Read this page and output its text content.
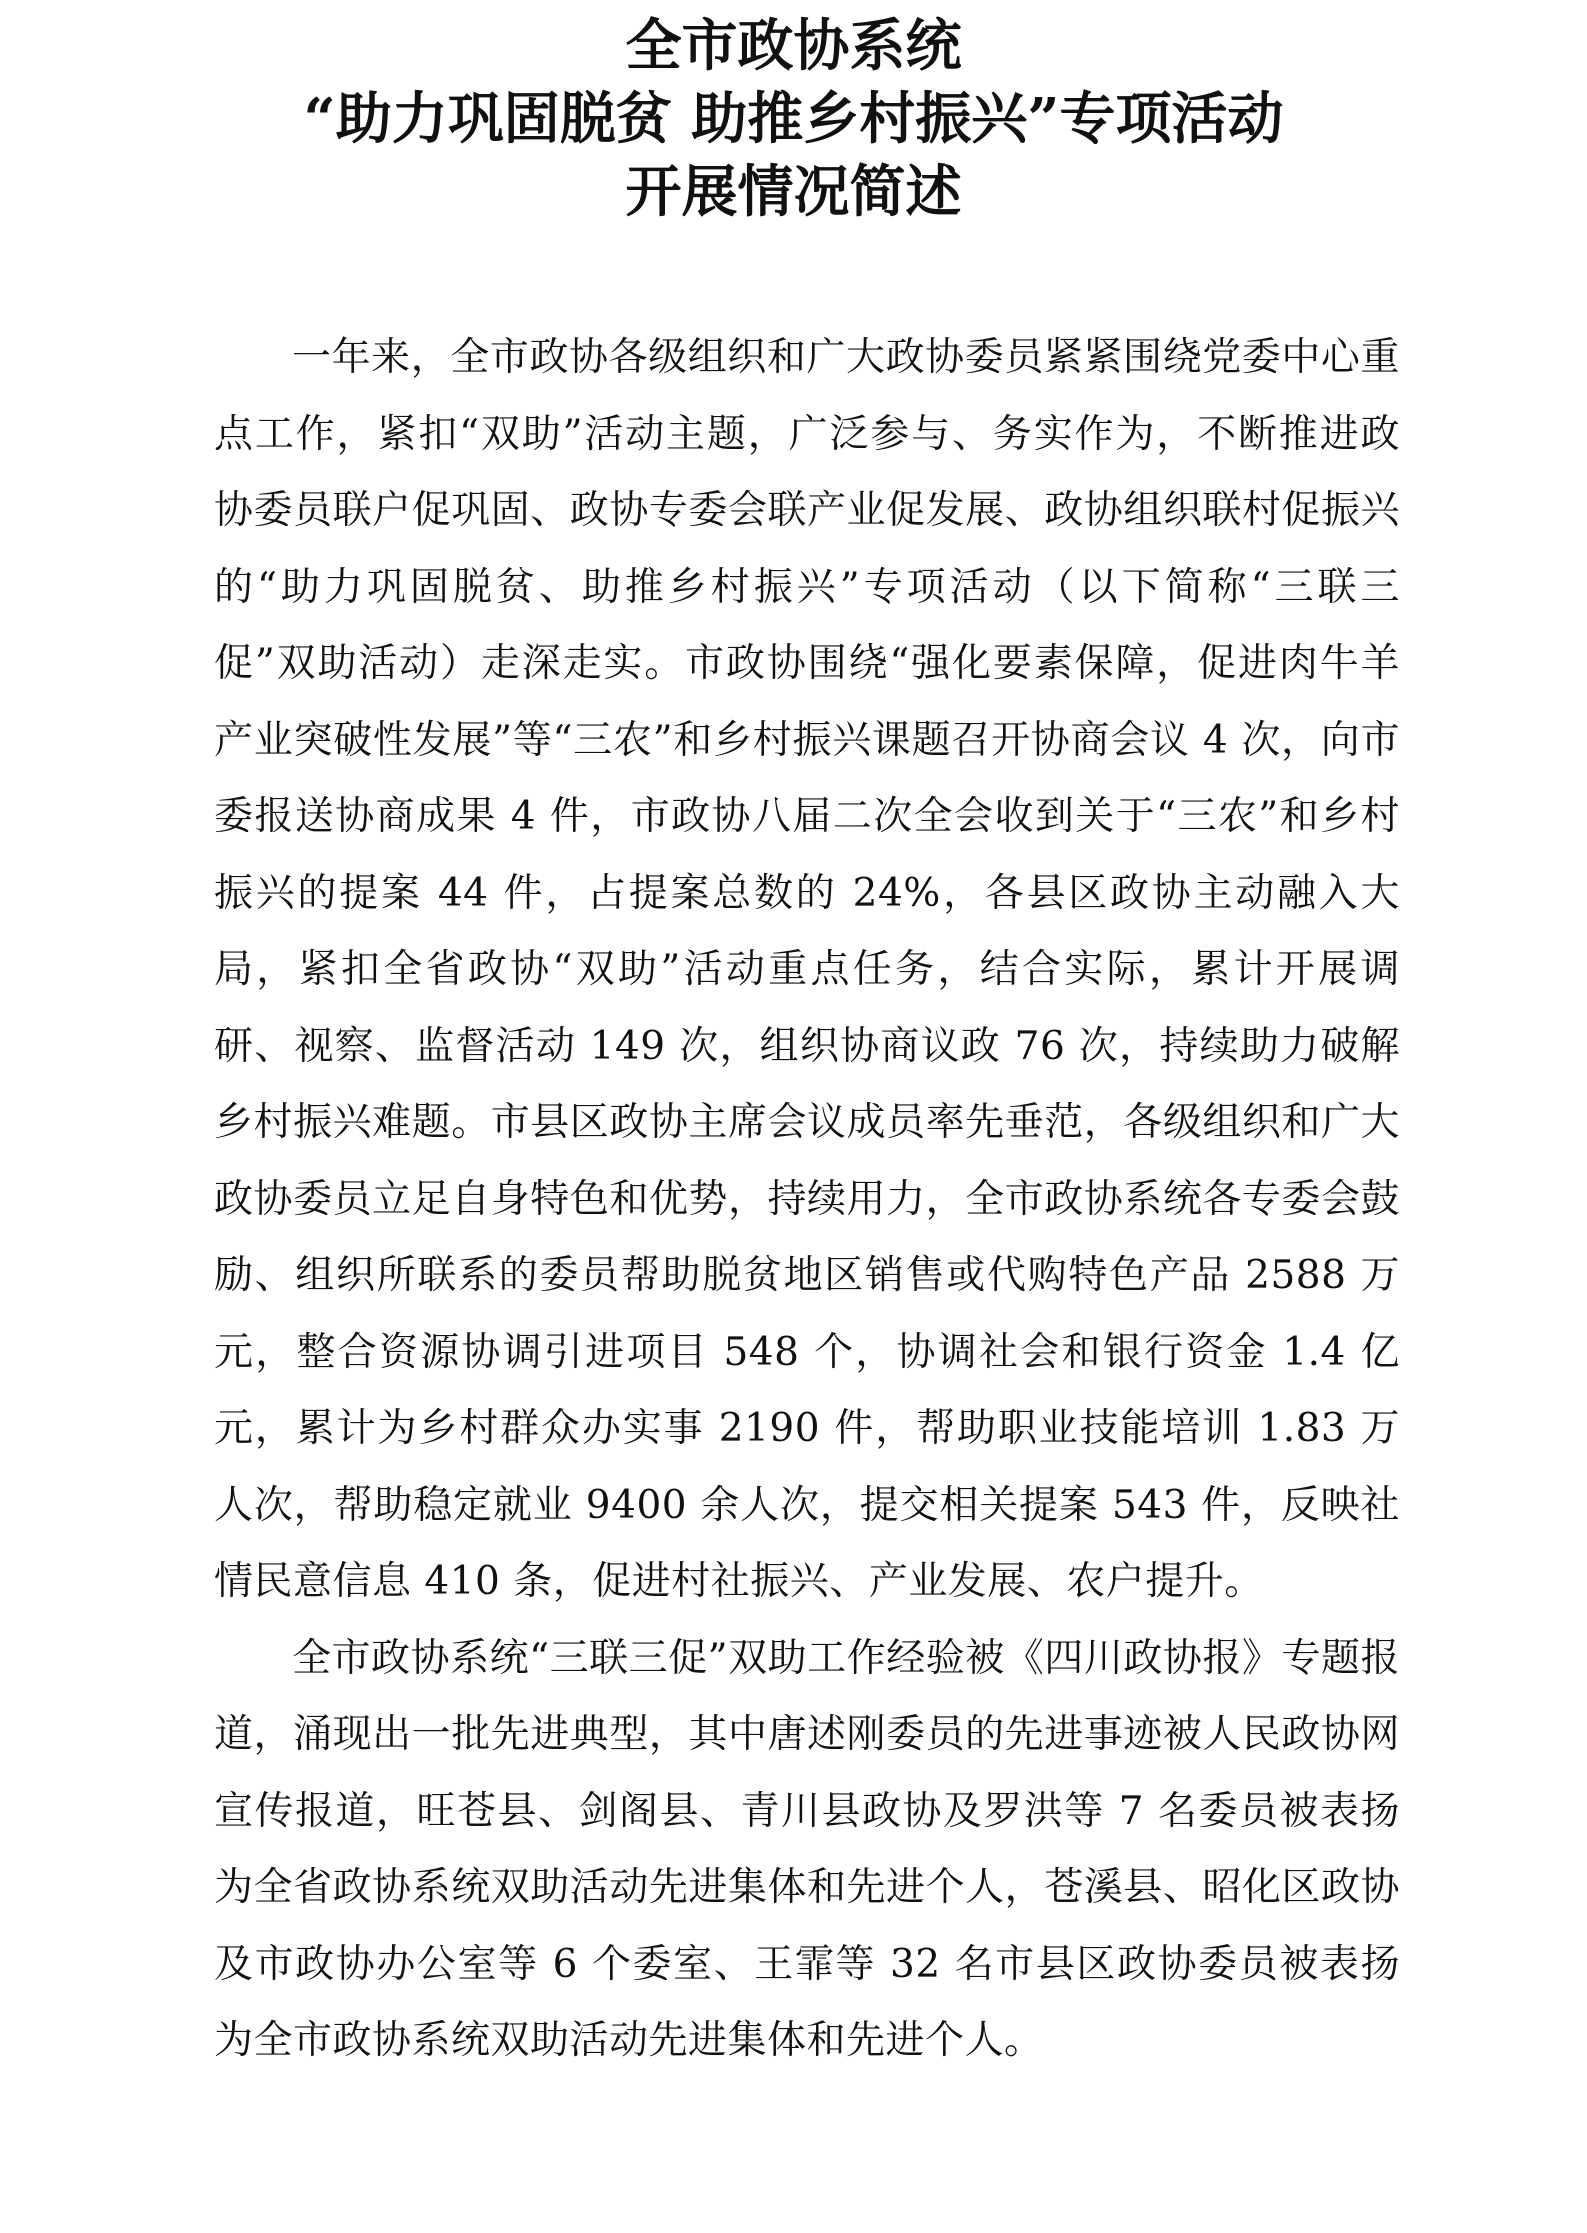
全市政协系统
“助力巩固脱贫 助推乡村振兴”专项活动
开展情况简述

一年来，全市政协各级组织和广大政协委员紧紧围绕党委中心重点工作，紧扣“双助”活动主题，广泛参与、务实作为，不断推进政协委员联户促巩固、政协专委会联产业促发展、政协组织联村促振兴的“助力巩固脱贫、助推乡村振兴”专项活动（以下简称“三联三促”双助活动）走深走实。市政协围绕“强化要素保障，促进肉牛羊产业突破性发展”等“三农”和乡村振兴课题召开协商会议 4 次，向市委报送协商成果 4 件，市政协八届二次全会收到关于“三农”和乡村振兴的提案 44 件，占提案总数的 24%，各县区政协主动融入大局，紧扣全省政协“双助”活动重点任务，结合实际，累计开展调研、视察、监督活动 149 次，组织协商议政 76 次，持续助力破解乡村振兴难题。市县区政协主席会议成员率先垂范，各级组织和广大政协委员立足自身特色和优势，持续用力，全市政协系统各专委会鼓励、组织所联系的委员帮助脱贫地区销售或代购特色产品 2588 万元，整合资源协调引进项目 548 个，协调社会和银行资金 1.4 亿元，累计为乡村群众办实事 2190 件，帮助职业技能培训 1.83 万人次，帮助稳定就业 9400 余人次，提交相关提案 543 件，反映社情民意信息 410 条，促进村社振兴、产业发展、农户提升。

全市政协系统“三联三促”双助工作经验被《四川政协报》专题报道，涌现出一批先进典型，其中唐述刚委员的先进事迹被人民政协网宣传报道，旺苍县、剑阁县、青川县政协及罗洪等 7 名委员被表扬为全省政协系统双助活动先进集体和先进个人，苍溪县、昭化区政协及市政协办公室等 6 个委室、王霏等 32 名市县区政协委员被表扬为全市政协系统双助活动先进集体和先进个人。
